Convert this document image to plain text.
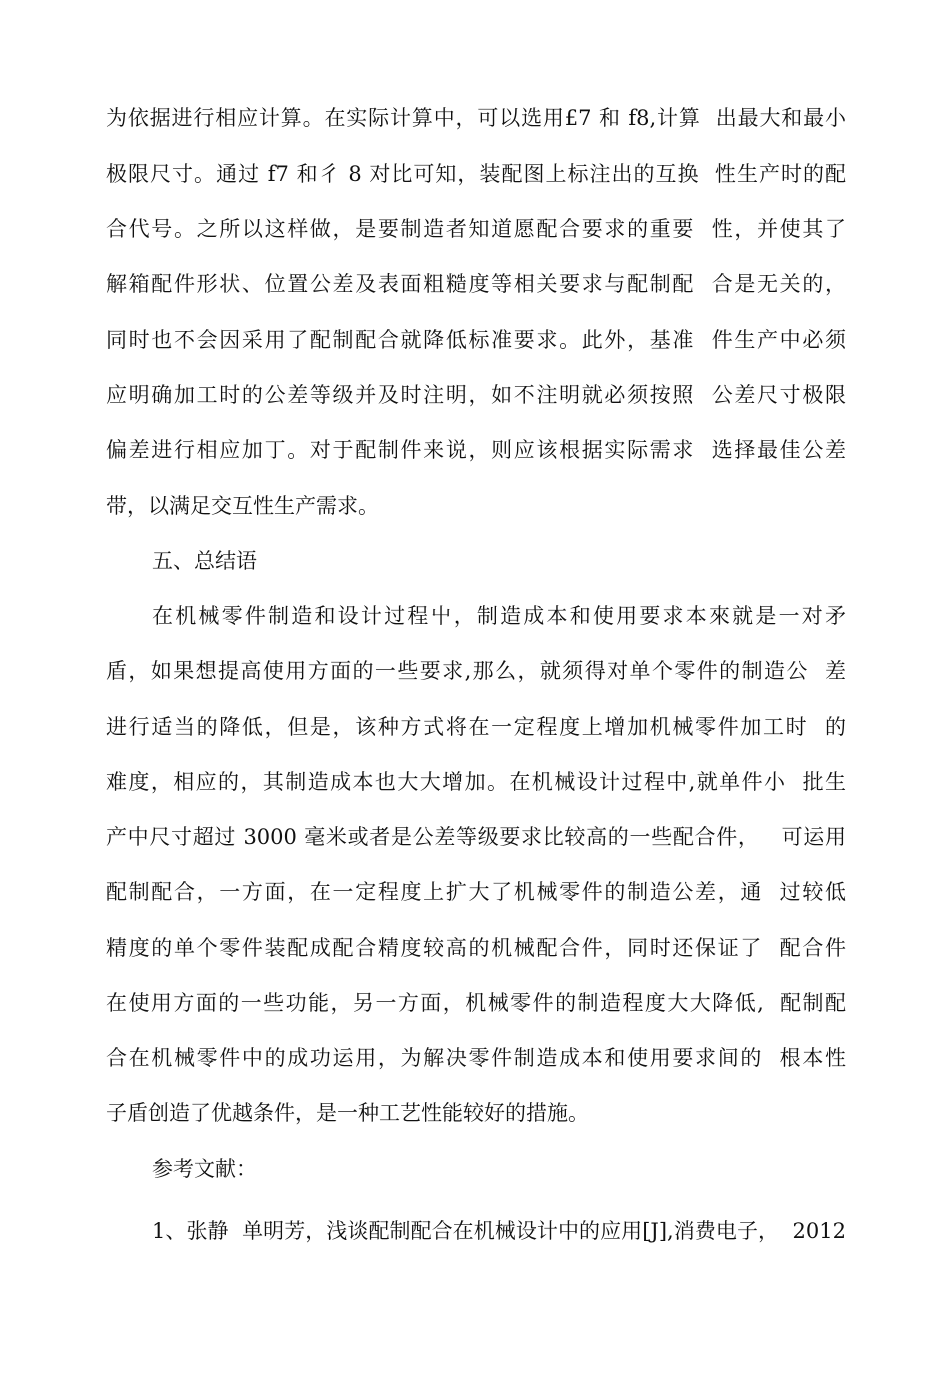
为依据进行相应计算。在实际计算中，可以选用£7 和 f8,计算  出最大和最小
极限尺寸。通过 f7 和彳 8 对比可知，装配图上标注出的互换  性生产时的配
合代号。之所以这样做，是要制造者知道愿配合要求的重要  性，并使其了
解箱配件形状、位置公差及表面粗糙度等相关要求与配制配  合是无关的，
同时也不会因采用了配制配合就降低标准要求。此外，基准  件生产中必须
应明确加工时的公差等级并及时注明，如不注明就必须按照  公差尺寸极限
偏差进行相应加丁。对于配制件来说，则应该根据实际需求  选择最佳公差
带，以满足交互性生产需求。
五、总结语
在机械零件制造和设计过程屮，制造成本和使用要求本來就是一对矛
盾，如果想提高使用方面的一些要求,那么，就须得对单个零件的制造公  差
进行适当的降低，但是，该种方式将在一定程度上增加机械零件加工时  的
难度，相应的，其制造成本也大大增加。在机械设计过程中,就单件小  批生
产中尺寸超过 3000 毫米或者是公差等级要求比较高的一些配合件，   可运用
配制配合，一方面，在一定程度上扩大了机械零件的制造公差，通  过较低
精度的单个零件装配成配合精度较高的机械配合件，同时还保证了  配合件
在使用方面的一些功能，另一方面，机械零件的制造程度大大降低,  配制配
合在机械零件中的成功运用，为解决零件制造成本和使用要求间的  根本性
子盾创造了优越条件，是一种工艺性能较好的措施。
参考文献：
1、张静  单明芳，浅谈配制配合在机械设计中的应用[J],消费电子，  2012
